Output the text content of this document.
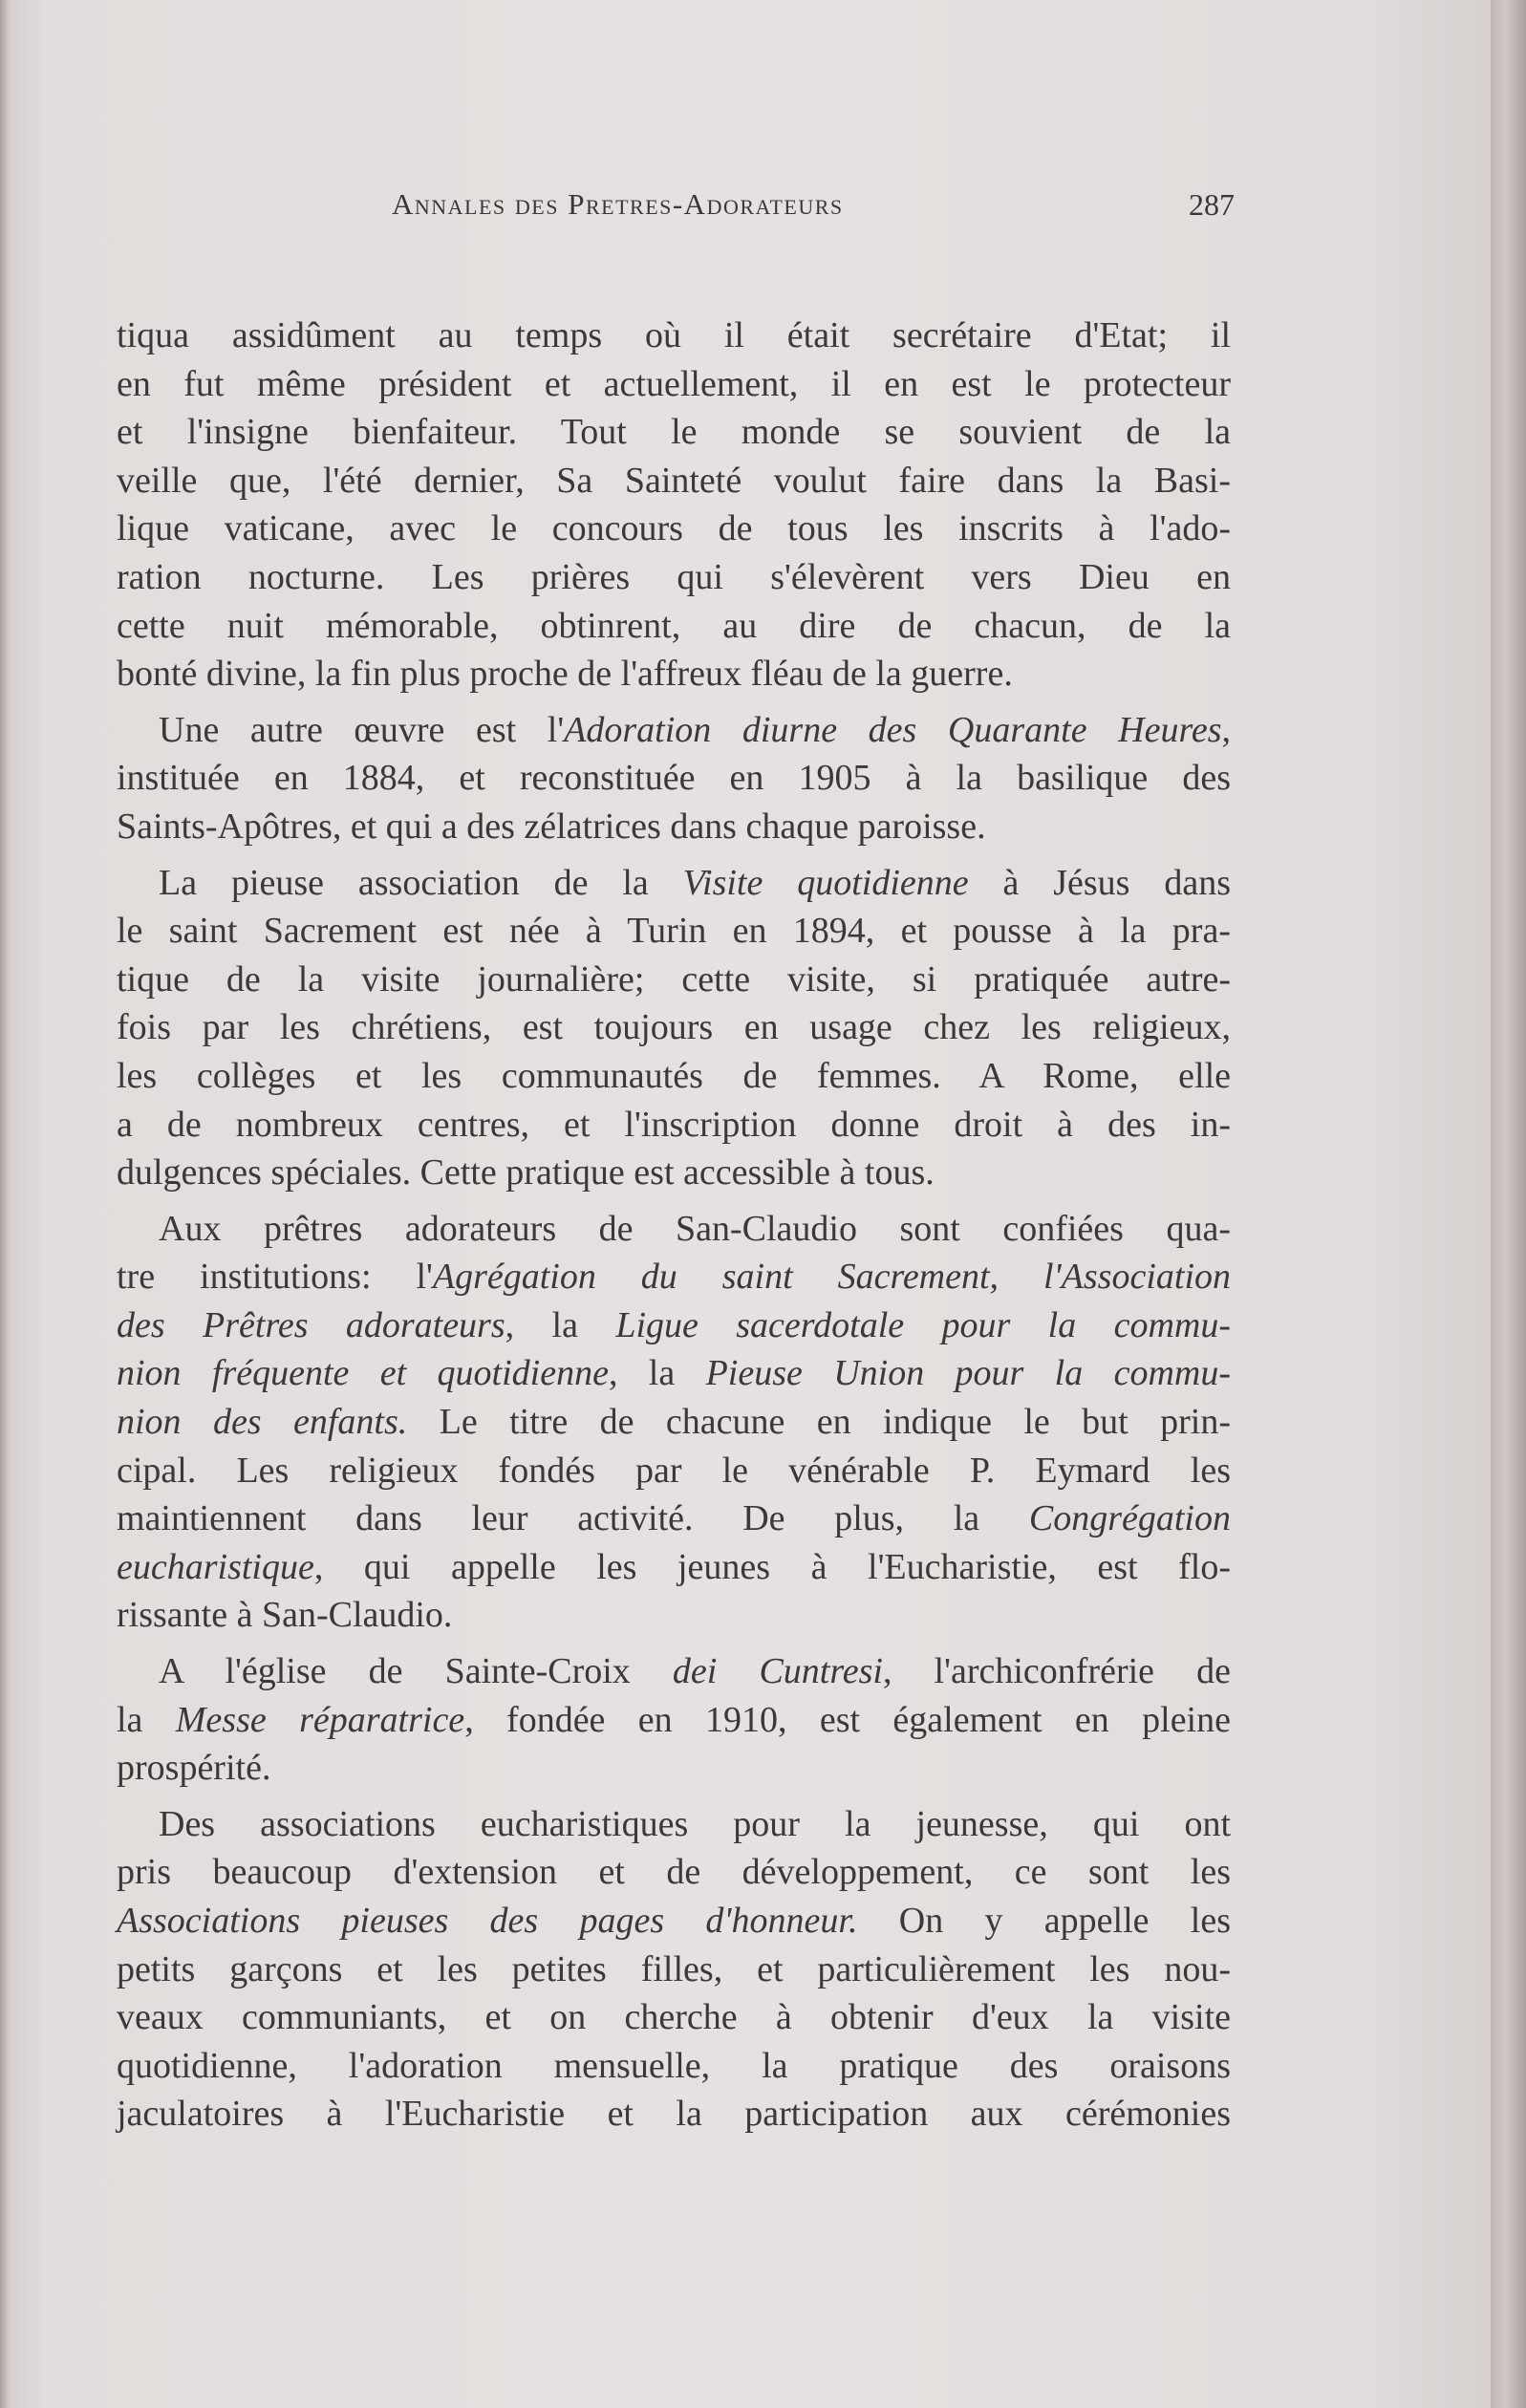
Annales des Pretres-Adorateurs	287
tiqua assidûment au temps où il était secrétaire d'Etat; il
en fut même président et actuellement, il en est le protecteur
et l'insigne bienfaiteur. Tout le monde se souvient de la
veille que, l'été dernier, Sa Sainteté voulut faire dans la Basi-
lique vaticane, avec le concours de tous les inscrits à l'ado-
ration nocturne. Les prières qui s'élevèrent vers Dieu en
cette nuit mémorable, obtinrent, au dire de chacun, de la
bonté divine, la fin plus proche de l'affreux fléau de la guerre.
Une autre œuvre est l'Adoration diurne des Quarante Heures,
instituée en 1884, et reconstituée en 1905 à la basilique des
Saints-Apôtres, et qui a des zélatrices dans chaque paroisse.
La pieuse association de la Visite quotidienne à Jésus dans
le saint Sacrement est née à Turin en 1894, et pousse à la pra-
tique de la visite journalière; cette visite, si pratiquée autre-
fois par les chrétiens, est toujours en usage chez les religieux,
les collèges et les communautés de femmes. A Rome, elle
a de nombreux centres, et l'inscription donne droit à des in-
dulgences spéciales. Cette pratique est accessible à tous.
Aux prêtres adorateurs de San-Claudio sont confiées qua-
tre institutions: l'Agrégation du saint Sacrement, l'Association
des Prêtres adorateurs, la Ligue sacerdotale pour la commu-
nion fréquente et quotidienne, la Pieuse Union pour la commu-
nion des enfants. Le titre de chacune en indique le but prin-
cipal. Les religieux fondés par le vénérable P. Eymard les
maintiennent dans leur activité. De plus, la Congrégation
eucharistique, qui appelle les jeunes à l'Eucharistie, est flo-
rissante à San-Claudio.
A l'église de Sainte-Croix dei Cuntresi, l'archiconfrérie de
la Messe réparatrice, fondée en 1910, est également en pleine
prospérité.
Des associations eucharistiques pour la jeunesse, qui ont
pris beaucoup d'extension et de développement, ce sont les
Associations pieuses des pages d'honneur. On y appelle les
petits garçons et les petites filles, et particulièrement les nou-
veaux communiants, et on cherche à obtenir d'eux la visite
quotidienne, l'adoration mensuelle, la pratique des oraisons
jaculatoires à l'Eucharistie et la participation aux cérémonies
